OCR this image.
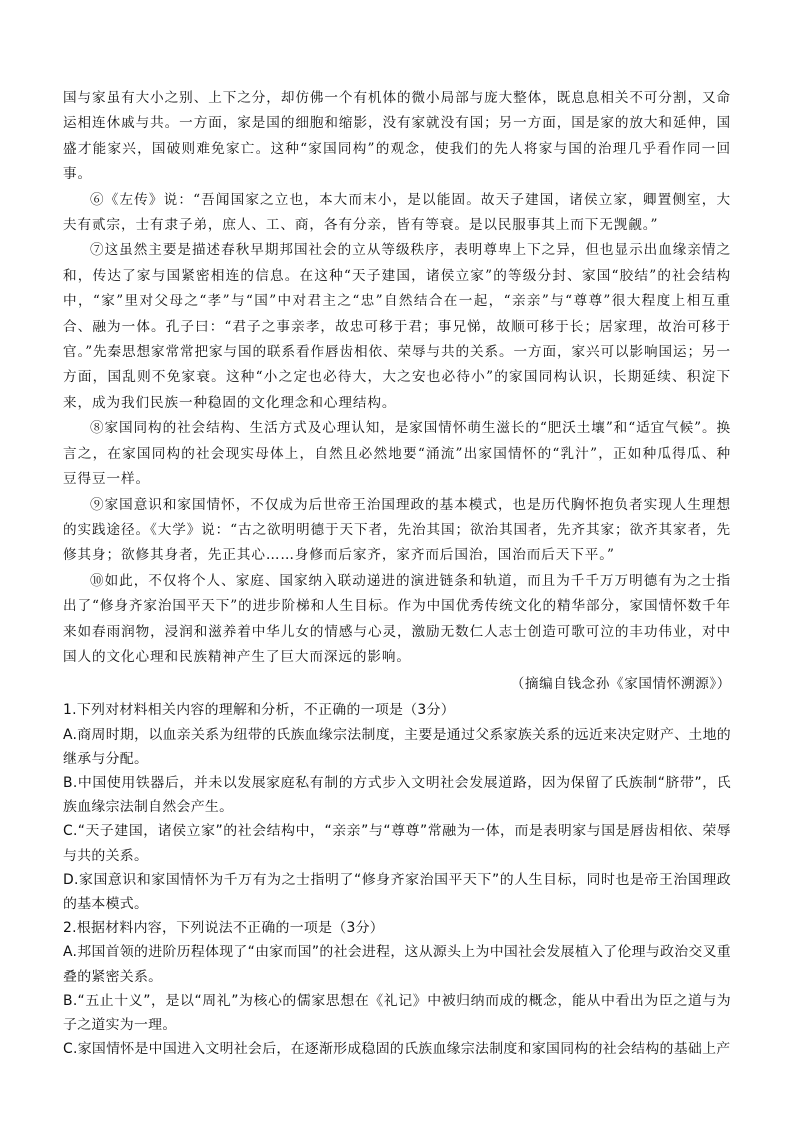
国与家虽有大小之别、上下之分，却仿佛一个有机体的微小局部与庞大整体，既息息相关不可分割，又命运相连休戚与共。一方面，家是国的细胞和缩影，没有家就没有国；另一方面，国是家的放大和延伸，国盛才能家兴，国破则难免家亡。这种“家国同构”的观念，使我们的先人将家与国的治理几乎看作同一回事。

⑥《左传》说：“吾闻国家之立也，本大而末小，是以能固。故天子建国，诸侯立家，卿置侧室，大夫有贰宗，士有隶子弟，庶人、工、商，各有分亲，皆有等衰。是以民服事其上而下无觊觎。”

⑦这虽然主要是描述春秋早期邦国社会的立从等级秩序，表明尊卑上下之异，但也显示出血缘亲情之和，传达了家与国紧密相连的信息。在这种“天子建国，诸侯立家”的等级分封、家国“胶结”的社会结构中，“家”里对父母之“孝”与“国”中对君主之“忠”自然结合在一起，“亲亲”与“尊尊”很大程度上相互重合、融为一体。孔子曰：“君子之事亲孝，故忠可移于君；事兄悌，故顺可移于长；居家理，故治可移于官。”先秦思想家常常把家与国的联系看作唇齿相依、荣辱与共的关系。一方面，家兴可以影响国运；另一方面，国乱则不免家衰。这种“小之定也必待大，大之安也必待小”的家国同构认识，长期延续、积淀下来，成为我们民族一种稳固的文化理念和心理结构。

⑧家国同构的社会结构、生活方式及心理认知，是家国情怀萌生滋长的“肥沃土壤”和“适宜气候”。换言之，在家国同构的社会现实母体上，自然且必然地要“涌流”出家国情怀的“乳汁”，正如种瓜得瓜、种豆得豆一样。

⑨家国意识和家国情怀，不仅成为后世帝王治国理政的基本模式，也是历代胸怀抱负者实现人生理想的实践途径。《大学》说：“古之欲明明德于天下者，先治其国；欲治其国者，先齐其家；欲齐其家者，先修其身；欲修其身者，先正其心……身修而后家齐，家齐而后国治，国治而后天下平。”

⑩如此，不仅将个人、家庭、国家纳入联动递进的演进链条和轨道，而且为千千万万明德有为之士指出了“修身齐家治国平天下”的进步阶梯和人生目标。作为中国优秀传统文化的精华部分，家国情怀数千年来如春雨润物，浸润和滋养着中华儿女的情感与心灵，激励无数仁人志士创造可歌可泣的丰功伟业，对中国人的文化心理和民族精神产生了巨大而深远的影响。

（摘编自钱念孙《家国情怀溯源》）

1.下列对材料相关内容的理解和分析，不正确的一项是（3分）

A.商周时期，以血亲关系为纽带的氏族血缘宗法制度，主要是通过父系家族关系的远近来决定财产、土地的继承与分配。

B.中国使用铁器后，并未以发展家庭私有制的方式步入文明社会发展道路，因为保留了氏族制“脐带”，氏族血缘宗法制自然会产生。

C.“天子建国，诸侯立家”的社会结构中，“亲亲”与“尊尊”常融为一体，而是表明家与国是唇齿相依、荣辱与共的关系。

D.家国意识和家国情怀为千万有为之士指明了“修身齐家治国平天下”的人生目标，同时也是帝王治国理政的基本模式。

2.根据材料内容，下列说法不正确的一项是（3分）

A.邦国首领的进阶历程体现了“由家而国”的社会进程，这从源头上为中国社会发展植入了伦理与政治交叉重叠的紧密关系。

B.“五止十义”，是以“周礼”为核心的儒家思想在《礼记》中被归纳而成的概念，能从中看出为臣之道与为子之道实为一理。

C.家国情怀是中国进入文明社会后，在逐渐形成稳固的氏族血缘宗法制度和家国同构的社会结构的基础上产
